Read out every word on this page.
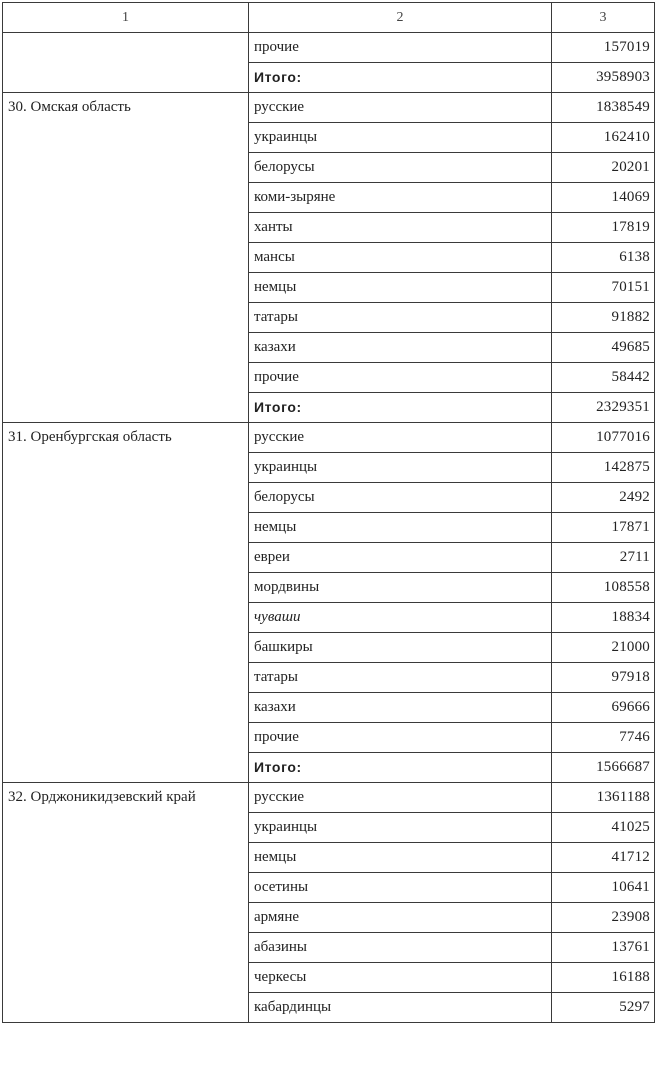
1	2	3
	прочие	157019
	Итого:	3958903
30. Омская область	русские	1838549
	украинцы	162410
	белорусы	20201
	коми-зыряне	14069
	ханты	17819
	мансы	6138
	немцы	70151
	татары	91882
	казахи	49685
	прочие	58442
	Итого:	2329351
31. Оренбургская область	русские	1077016
	украинцы	142875
	белорусы	2492
	немцы	17871
	евреи	2711
	мордвины	108558
	чуваши	18834
	башкиры	21000
	татары	97918
	казахи	69666
	прочие	7746
	Итого:	1566687
32. Орджоникидзевский край	русские	1361188
	украинцы	41025
	немцы	41712
	осетины	10641
	армяне	23908
	абазины	13761
	черкесы	16188
	кабардинцы	5297
